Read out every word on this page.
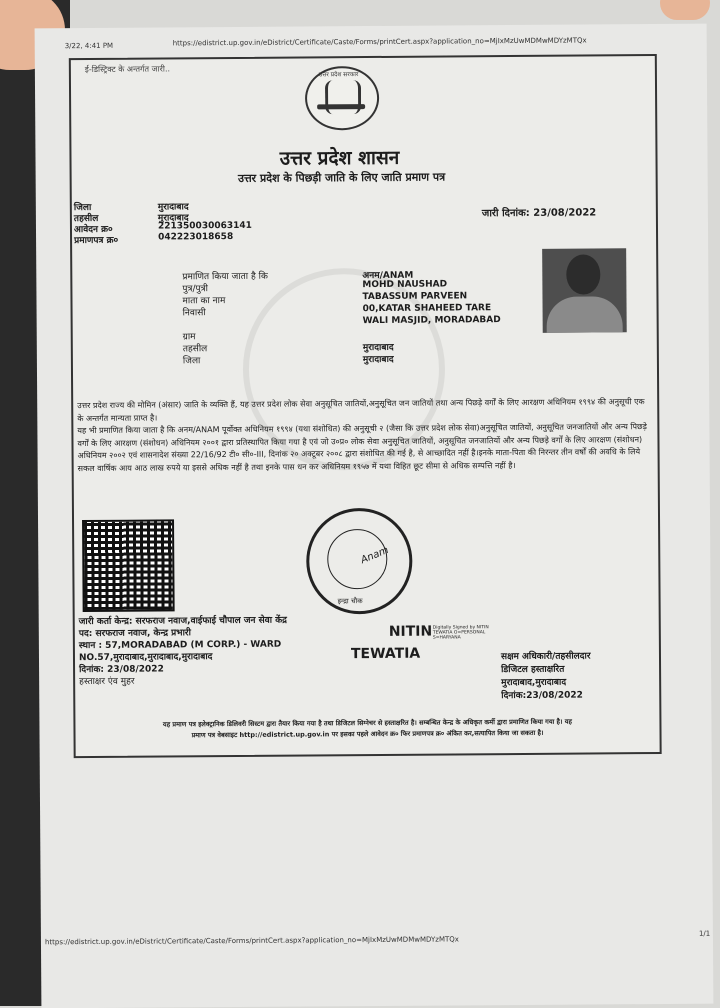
3/22, 4:41 PM	https://edistrict.up.gov.in/eDistrict/Certificate/Caste/Forms/printCert.aspx?application_no=MjIxMzUwMDMwMDYzMTQx
ई-डिस्ट्रिक्ट के अन्तर्गत जारी..
उत्तर प्रदेश सरकार
उत्तर प्रदेश शासन
उत्तर प्रदेश के पिछड़ी जाति के लिए जाति प्रमाण पत्र
जिला	मुरादाबाद
तहसील	मुरादाबाद
आवेदन क्र०	221350030063141
प्रमाणपत्र क्र०	042223018658
जारी दिनांक: 23/08/2022
प्रमाणित किया जाता है कि	अनम/ANAM
पुत्र/पुत्री	MOHD NAUSHAD
माता का नाम	TABASSUM PARVEEN
निवासी	00,KATAR SHAHEED TARE
WALI MASJID, MORADABAD
ग्राम
तहसील	मुरादाबाद
जिला	मुरादाबाद

उत्तर प्रदेश राज्य की मोमिन (अंसार) जाति के व्यक्ति हैं, यह उत्तर प्रदेश लोक सेवा अनुसूचित जातियों,अनुसूचित जन जातियों तथा अन्य पिछड़े वर्गों के लिए आरक्षण अधिनियम १९९४ की अनुसूची एक के अन्तर्गत मान्यता प्राप्त है।

यह भी प्रमाणित किया जाता है कि अनम/ANAM पूर्वोक्त अधिनियम १९९४ (यथा संशोधित) की अनुसूची २ (जैसा कि उत्तर प्रदेश लोक सेवा)अनुसूचित जातियों, अनुसूचित जनजातियों और अन्य पिछड़े वर्गों के लिए आरक्षण (संशोधन) अधिनियम २००१ द्वारा प्रतिस्थापित किया गया है एवं जो उ०प्र० लोक सेवा अनुसूचित जातियों, अनुसूचित जनजातियों और अन्य पिछड़े वर्गों के लिए आरक्षण (संशोधन) अधिनियम २००२ एवं शासनादेश संख्या 22/16/92 टी० सी०-III, दिनांक २० अक्टूबर २००८ द्वारा संशोधित की गई है, से आच्छादित नहीं है।इनके माता-पिता की निरन्तर तीन वर्षों की अवधि के लिये सकल वार्षिक आय आठ लाख रुपये या इससे अधिक नहीं है तथा इनके पास धन कर अधिनियम १९५७ में यथा विहित छूट सीमा से अधिक सम्पत्ति नहीं है।

इन्द्रा चौक
Anam
जारी कर्ता केन्द्र: सरफराज नवाज,वाईफाई चौपाल जन सेवा केंद्र
पद: सरफराज नवाज, केन्द्र प्रभारी
स्थान : 57,MORADABAD (M CORP.) - WARD
NO.57,मुरादाबाद,मुरादाबाद,मुरादाबाद
दिनांक: 23/08/2022
हस्ताक्षर एंव मुहर
NITIN
TEWATIA
Digitally Signed by NITIN TEWATIA O=PERSONAL S=HARYANA
सक्षम अधिकारी/तहसीलदार
डिजिटल हस्ताक्षरित
मुरादाबाद,मुरादाबाद
दिनांक:23/08/2022
यह प्रमाण पत्र इलेक्ट्रानिक डिलिवरी सिस्टम द्वारा तैयार किया गया है तथा डिजिटल सिग्नेचर से हस्ताक्षरित है। सम्बन्धित केन्द्र के अधिकृत कर्मी द्वारा प्रमाणित किया गया है। यह
प्रमाण पत्र वेबसाइट http://edistrict.up.gov.in पर इसका पहले आवेदन क्र० फिर प्रमाणपत्र क्र० अंकित कर,सत्यापित किया जा सकता है।
https://edistrict.up.gov.in/eDistrict/Certificate/Caste/Forms/printCert.aspx?application_no=MjIxMzUwMDMwMDYzMTQx
1/1
